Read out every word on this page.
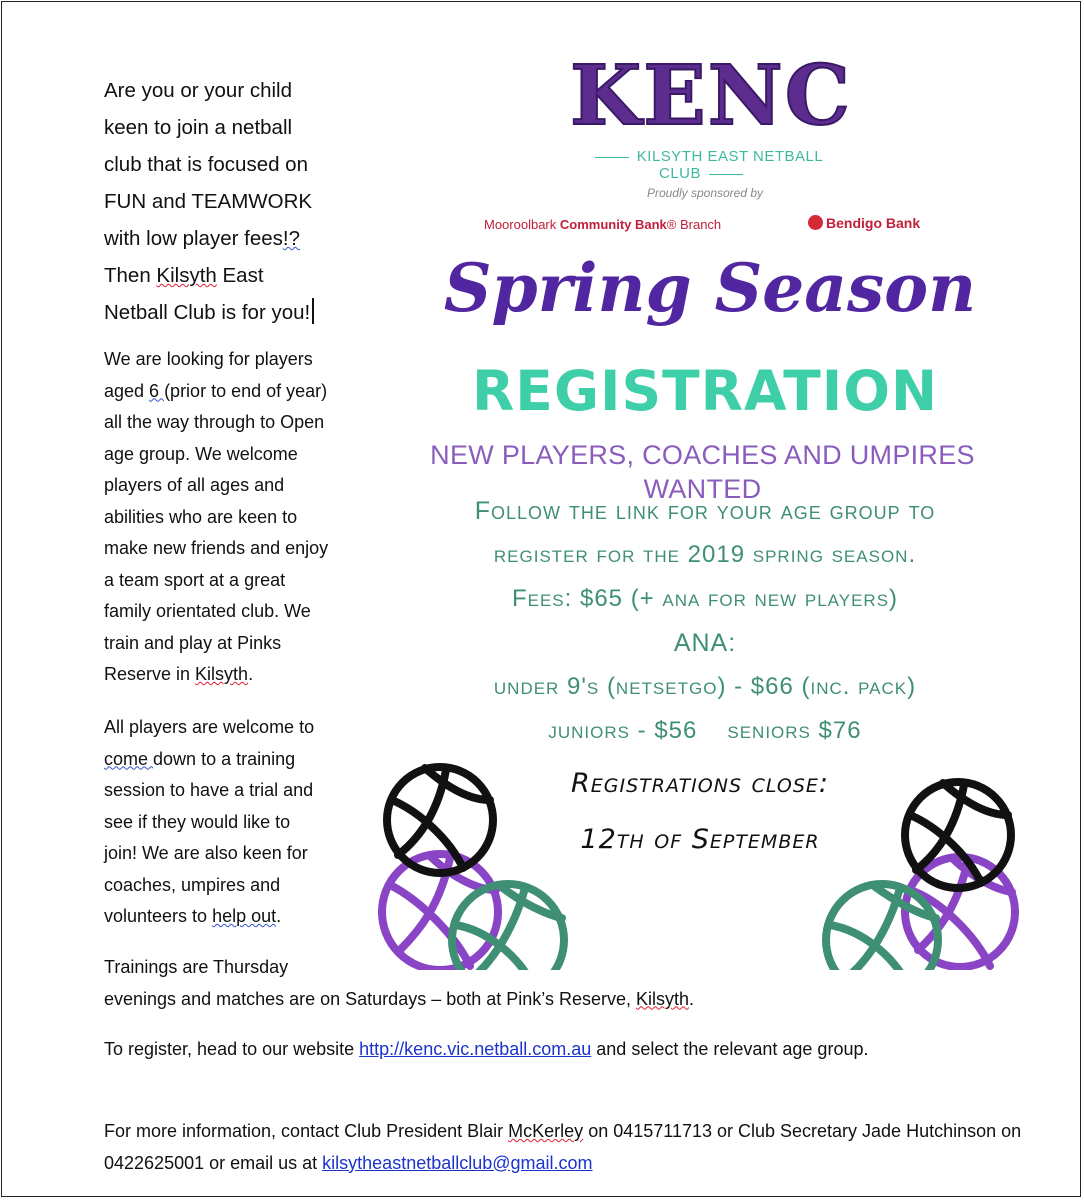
Are you or your child
keen to join a netball
club that is focused on
FUN and TEAMWORK
with low player fees!?
Then Kilsyth East
Netball Club is for you!
We are looking for players
aged 6 (prior to end of year)
all the way through to Open
age group. We welcome
players of all ages and
abilities who are keen to
make new friends and enjoy
a team sport at a great
family orientated club. We
train and play at Pinks
Reserve in Kilsyth.
All players are welcome to
come down to a training
session to have a trial and
see if they would like to
join! We are also keen for
coaches, umpires and
volunteers to help out.
Trainings are Thursday
evenings and matches are on Saturdays – both at Pink’s Reserve, Kilsyth.
To register, head to our website http://kenc.vic.netball.com.au and select the relevant age group.
For more information, contact Club President Blair McKerley on 0415711713 or Club Secretary Jade Hutchinson on 0422625001 or email us at kilsytheastnetballclub@gmail.com
KENC
KILSYTH EAST NETBALL CLUB
Proudly sponsored by
Mooroolbark Community Bank® Branch	Bendigo Bank
Spring Season
REGISTRATION
NEW PLAYERS, COACHES AND UMPIRES WANTED
Follow the link for your age group to
register for the 2019 spring season.
Fees: $65 (+ ana for new players)
ANA:
under 9's (netsetgo) - $66 (inc. pack)
juniors - $56 seniors $76
Registrations close:
12th of September
